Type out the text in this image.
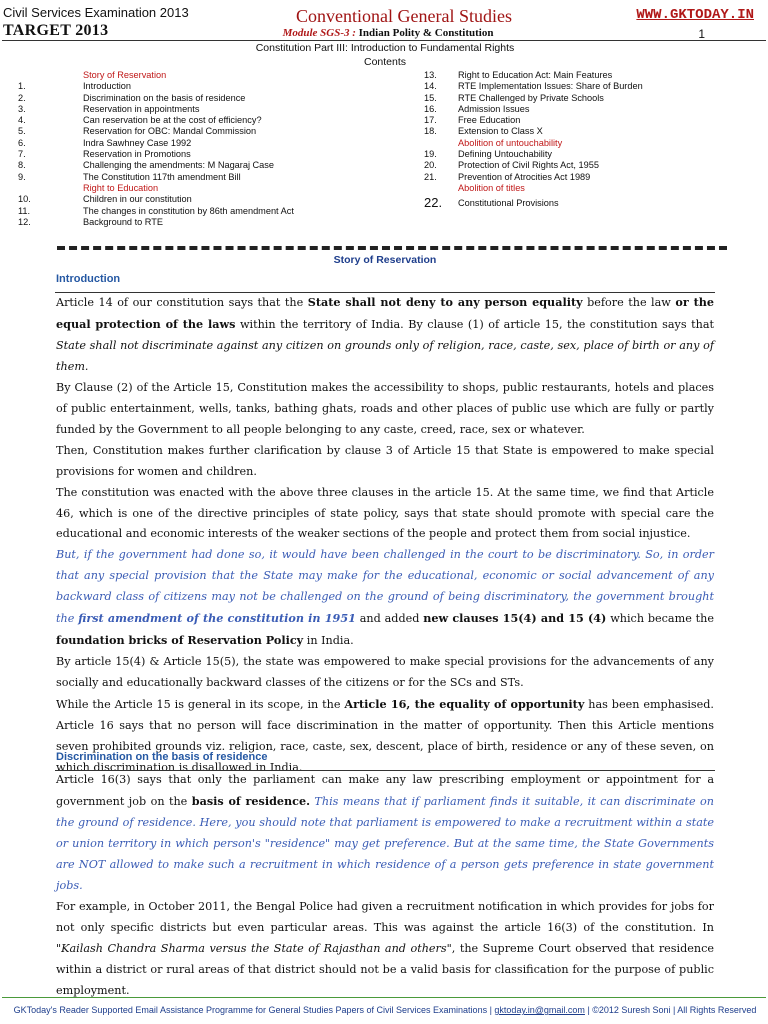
Civil Services Examination 2013
TARGET 2013
Conventional General Studies
Module SGS-3 : Indian Polity & Constitution
WWW.GKTODAY.IN
1
Constitution Part III: Introduction to Fundamental Rights
Contents
Story of Reservation
1.	Introduction
2.	Discrimination on the basis of residence
3.	Reservation in appointments
4.	Can reservation be at the cost of efficiency?
5.	Reservation for OBC: Mandal Commission
6.	Indra Sawhney Case 1992
7.	Reservation in Promotions
8.	Challenging the amendments: M Nagaraj Case
9.	The Constitution 117th amendment Bill
Right to Education
10.	Children in our constitution
11.	The changes in constitution by 86th amendment Act
12.	Background to RTE
13.	Right to Education Act: Main Features
14.	RTE Implementation Issues: Share of Burden
15.	RTE Challenged by Private Schools
16.	Admission Issues
17.	Free Education
18.	Extension to Class X
Abolition of untouchability
19.	Defining Untouchability
20.	Protection of Civil Rights Act, 1955
21.	Prevention of Atrocities Act 1989
Abolition of titles
22.	Constitutional Provisions
Story of Reservation
Introduction

Article 14 of our constitution says that the State shall not deny to any person equality before the law or the equal protection of the laws within the territory of India. By clause (1) of article 15, the constitution says that State shall not discriminate against any citizen on grounds only of religion, race, caste, sex, place of birth or any of them.

By Clause (2) of the Article 15, Constitution makes the accessibility to shops, public restaurants, hotels and places of public entertainment, wells, tanks, bathing ghats, roads and other places of public use which are fully or partly funded by the Government to all people belonging to any caste, creed, race, sex or whatever.

Then, Constitution makes further clarification by clause 3 of Article 15 that State is empowered to make special provisions for women and children.

The constitution was enacted with the above three clauses in the article 15. At the same time, we find that Article 46, which is one of the directive principles of state policy, says that state should promote with special care the educational and economic interests of the weaker sections of the people and protect them from social injustice.

But, if the government had done so, it would have been challenged in the court to be discriminatory. So, in order that any special provision that the State may make for the educational, economic or social advancement of any backward class of citizens may not be challenged on the ground of being discriminatory, the government brought the first amendment of the constitution in 1951 and added new clauses 15(4) and 15 (4) which became the foundation bricks of Reservation Policy in India.

By article 15(4) & Article 15(5), the state was empowered to make special provisions for the advancements of any socially and educationally backward classes of the citizens or for the SCs and STs.

While the Article 15 is general in its scope, in the Article 16, the equality of opportunity has been emphasised. Article 16 says that no person will face discrimination in the matter of opportunity. Then this Article mentions seven prohibited grounds viz. religion, race, caste, sex, descent, place of birth, residence or any of these seven, on which discrimination is disallowed in India.

Discrimination on the basis of residence

Article 16(3) says that only the parliament can make any law prescribing employment or appointment for a government job on the basis of residence. This means that if parliament finds it suitable, it can discriminate on the ground of residence. Here, you should note that parliament is empowered to make a recruitment within a state or union territory in which person's "residence" may get preference. But at the same time, the State Governments are NOT allowed to make such a recruitment in which residence of a person gets preference in state government jobs.

For example, in October 2011, the Bengal Police had given a recruitment notification in which provides for jobs for not only specific districts but even particular areas. This was against the article 16(3) of the constitution. In "Kailash Chandra Sharma versus the State of Rajasthan and others", the Supreme Court observed that residence within a district or rural areas of that district should not be a valid basis for classification for the purpose of public employment.

GKToday's Reader Supported Email Assistance Programme for General Studies Papers of Civil Services Examinations | gktoday.in@gmail.com | ©2012 Suresh Soni | All Rights Reserved
